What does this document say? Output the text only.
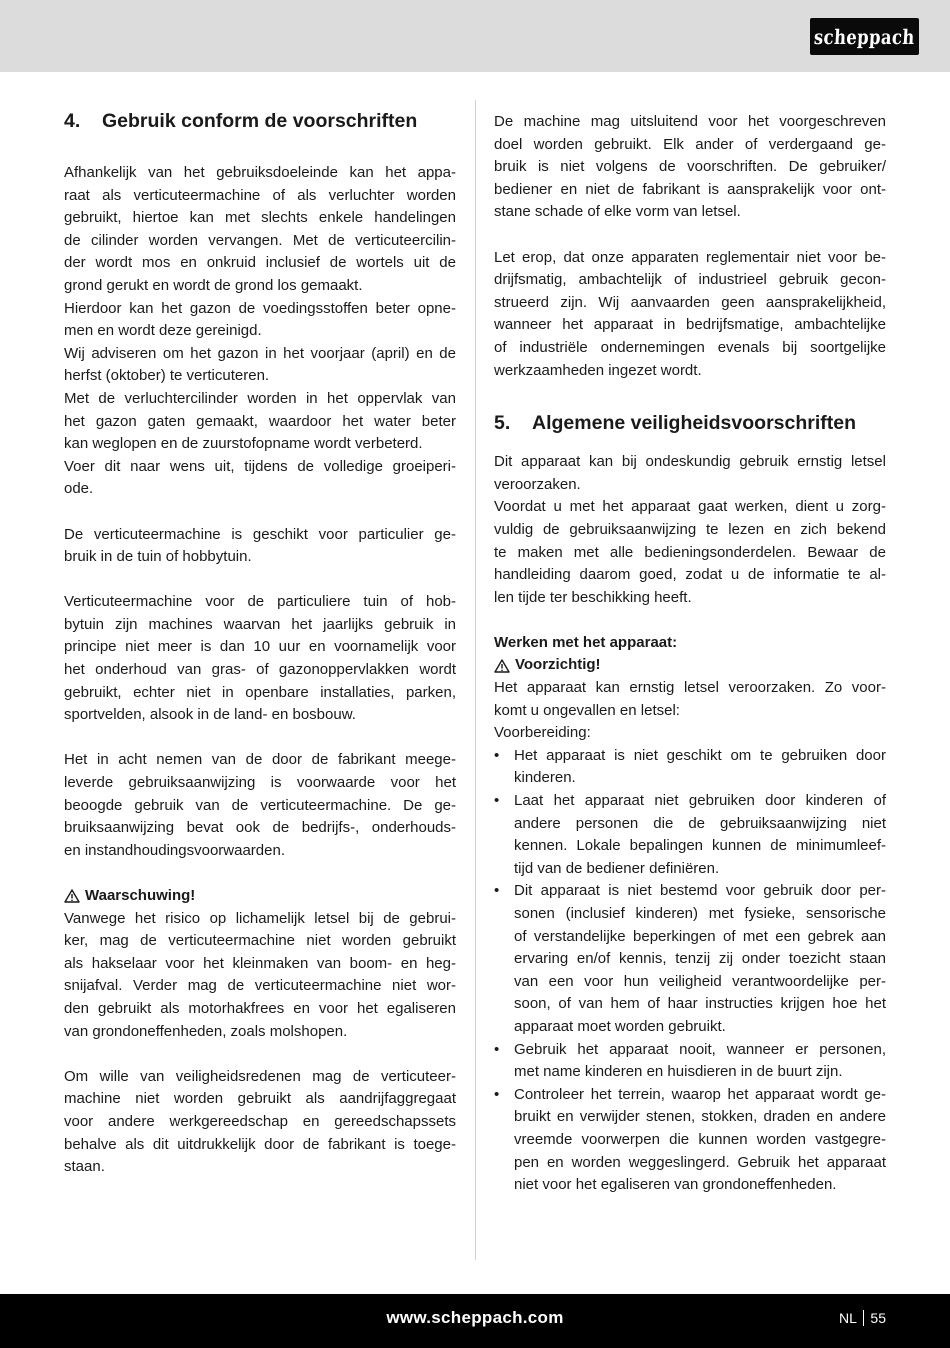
scheppach
4.	Gebruik conform de voorschriften

Afhankelijk van het gebruiksdoeleinde kan het appa-
raat als verticuteermachine of als verluchter worden
gebruikt, hiertoe kan met slechts enkele handelingen
de cilinder worden vervangen. Met de verticuteercilin-
der wordt mos en onkruid inclusief de wortels uit de
grond gerukt en wordt de grond los gemaakt.
Hierdoor kan het gazon de voedingsstoffen beter opne-
men en wordt deze gereinigd.
Wij adviseren om het gazon in het voorjaar (april) en de
herfst (oktober) te verticuteren.
Met de verluchtercilinder worden in het oppervlak van
het gazon gaten gemaakt, waardoor het water beter
kan weglopen en de zuurstofopname wordt verbeterd.
Voer dit naar wens uit, tijdens de volledige groeiperi-
ode.

De verticuteermachine is geschikt voor particulier ge-
bruik in de tuin of hobbytuin.

Verticuteermachine voor de particuliere tuin of hob-
bytuin zijn machines waarvan het jaarlijks gebruik in
principe niet meer is dan 10 uur en voornamelijk voor
het onderhoud van gras- of gazonoppervlakken wordt
gebruikt, echter niet in openbare installaties, parken,
sportvelden, alsook in de land- en bosbouw.

Het in acht nemen van de door de fabrikant meege-
leverde gebruiksaanwijzing is voorwaarde voor het
beoogde gebruik van de verticuteermachine. De ge-
bruiksaanwijzing bevat ook de bedrijfs-, onderhouds-
en instandhoudingsvoorwaarden.

Waarschuwing!

Vanwege het risico op lichamelijk letsel bij de gebrui-
ker, mag de verticuteermachine niet worden gebruikt
als hakselaar voor het kleinmaken van boom- en heg-
snijafval. Verder mag de verticuteermachine niet wor-
den gebruikt als motorhakfrees en voor het egaliseren
van grondoneffenheden, zoals molshopen.

Om wille van veiligheidsredenen mag de verticuteer-
machine niet worden gebruikt als aandrijfaggregaat
voor andere werkgereedschap en gereedschapssets
behalve als dit uitdrukkelijk door de fabrikant is toege-
staan.

De machine mag uitsluitend voor het voorgeschreven
doel worden gebruikt. Elk ander of verdergaand ge-
bruik is niet volgens de voorschriften. De gebruiker/
bediener en niet de fabrikant is aansprakelijk voor ont-
stane schade of elke vorm van letsel.

Let erop, dat onze apparaten reglementair niet voor be-
drijfsmatig, ambachtelijk of industrieel gebruik gecon-
strueerd zijn. Wij aanvaarden geen aansprakelijkheid,
wanneer het apparaat in bedrijfsmatige, ambachtelijke
of industriële ondernemingen evenals bij soortgelijke
werkzaamheden ingezet wordt.

5.	Algemene veiligheidsvoorschriften

Dit apparaat kan bij ondeskundig gebruik ernstig letsel
veroorzaken.
Voordat u met het apparaat gaat werken, dient u zorg-
vuldig de gebruiksaanwijzing te lezen en zich bekend
te maken met alle bedieningsonderdelen. Bewaar de
handleiding daarom goed, zodat u de informatie te al-
len tijde ter beschikking heeft.

Werken met het apparaat:
Voorzichtig!

Het apparaat kan ernstig letsel veroorzaken. Zo voor-
komt u ongevallen en letsel:
Voorbereiding:

• Het apparaat is niet geschikt om te gebruiken door
kinderen.
• Laat het apparaat niet gebruiken door kinderen of
andere personen die de gebruiksaanwijzing niet
kennen. Lokale bepalingen kunnen de minimumleef-
tijd van de bediener definiëren.
• Dit apparaat is niet bestemd voor gebruik door per-
sonen (inclusief kinderen) met fysieke, sensorische
of verstandelijke beperkingen of met een gebrek aan
ervaring en/of kennis, tenzij zij onder toezicht staan
van een voor hun veiligheid verantwoordelijke per-
soon, of van hem of haar instructies krijgen hoe het
apparaat moet worden gebruikt.
• Gebruik het apparaat nooit, wanneer er personen,
met name kinderen en huisdieren in de buurt zijn.
• Controleer het terrein, waarop het apparaat wordt ge-
bruikt en verwijder stenen, stokken, draden en andere
vreemde voorwerpen die kunnen worden vastgegre-
pen en worden weggeslingerd. Gebruik het apparaat
niet voor het egaliseren van grondoneffenheden.
www.scheppach.com	NL 55
